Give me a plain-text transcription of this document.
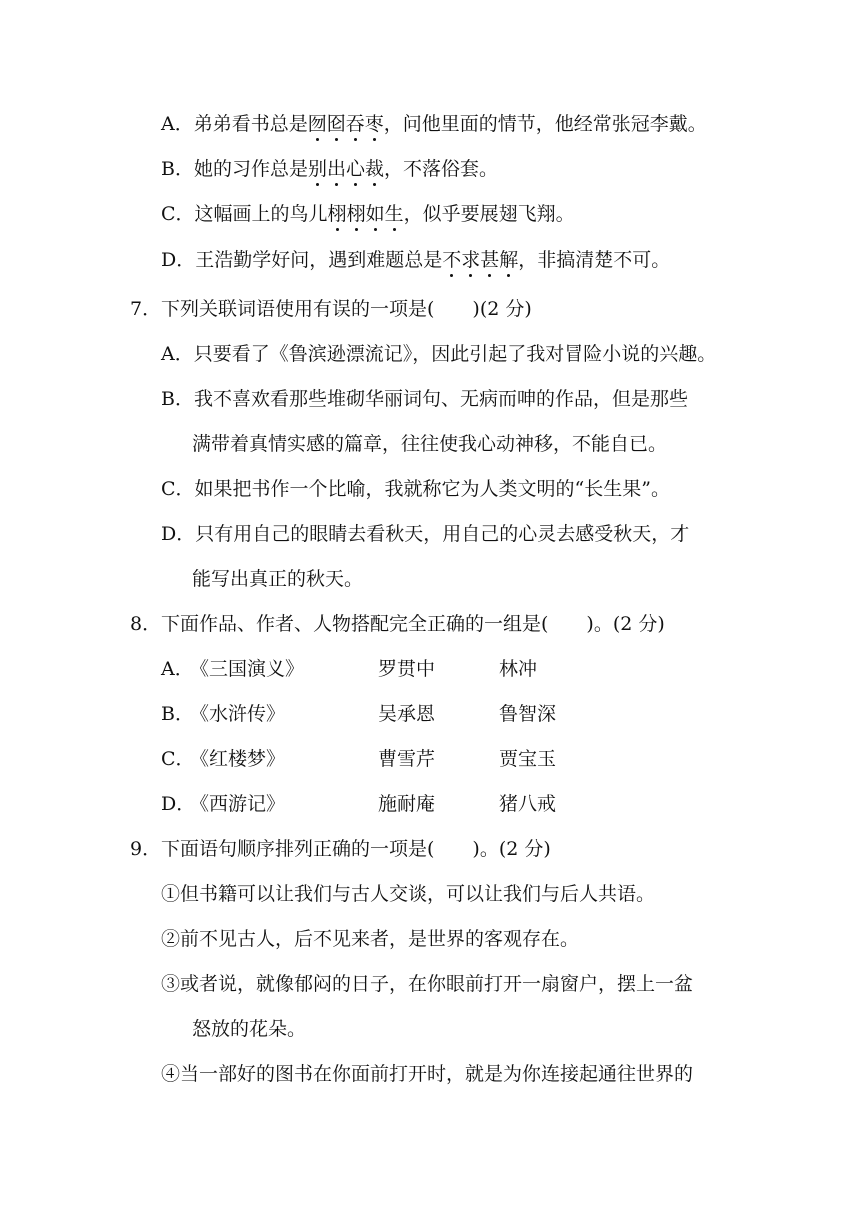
A．弟弟看书总是囫囵吞枣，问他里面的情节，他经常张冠李戴。
B．她的习作总是别出心裁，不落俗套。
C．这幅画上的鸟儿栩栩如生，似乎要展翅飞翔。
D．王浩勤学好问，遇到难题总是不求甚解，非搞清楚不可。
7． 下列关联词语使用有误的一项是(　　)(2 分)
A．只要看了《鲁滨逊漂流记》，因此引起了我对冒险小说的兴趣。
B．我不喜欢看那些堆砌华丽词句、无病而呻的作品，但是那些
满带着真情实感的篇章，往往使我心动神移，不能自已。
C．如果把书作一个比喻，我就称它为人类文明的“长生果”。
D．只有用自己的眼睛去看秋天，用自己的心灵去感受秋天，才
能写出真正的秋天。
8． 下面作品、作者、人物搭配完全正确的一组是(　　)。(2 分)
A．
《三国演义》	罗贯中	林冲
B．
《水浒传》	吴承恩	鲁智深
C．
《红楼梦》	曹雪芹	贾宝玉
D．
《西游记》	施耐庵	猪八戒
9． 下面语句顺序排列正确的一项是(　　)。(2 分)
①但书籍可以让我们与古人交谈，可以让我们与后人共语。
②前不见古人，后不见来者，是世界的客观存在。
③或者说，就像郁闷的日子，在你眼前打开一扇窗户，摆上一盆
怒放的花朵。
④当一部好的图书在你面前打开时，就是为你连接起通往世界的
